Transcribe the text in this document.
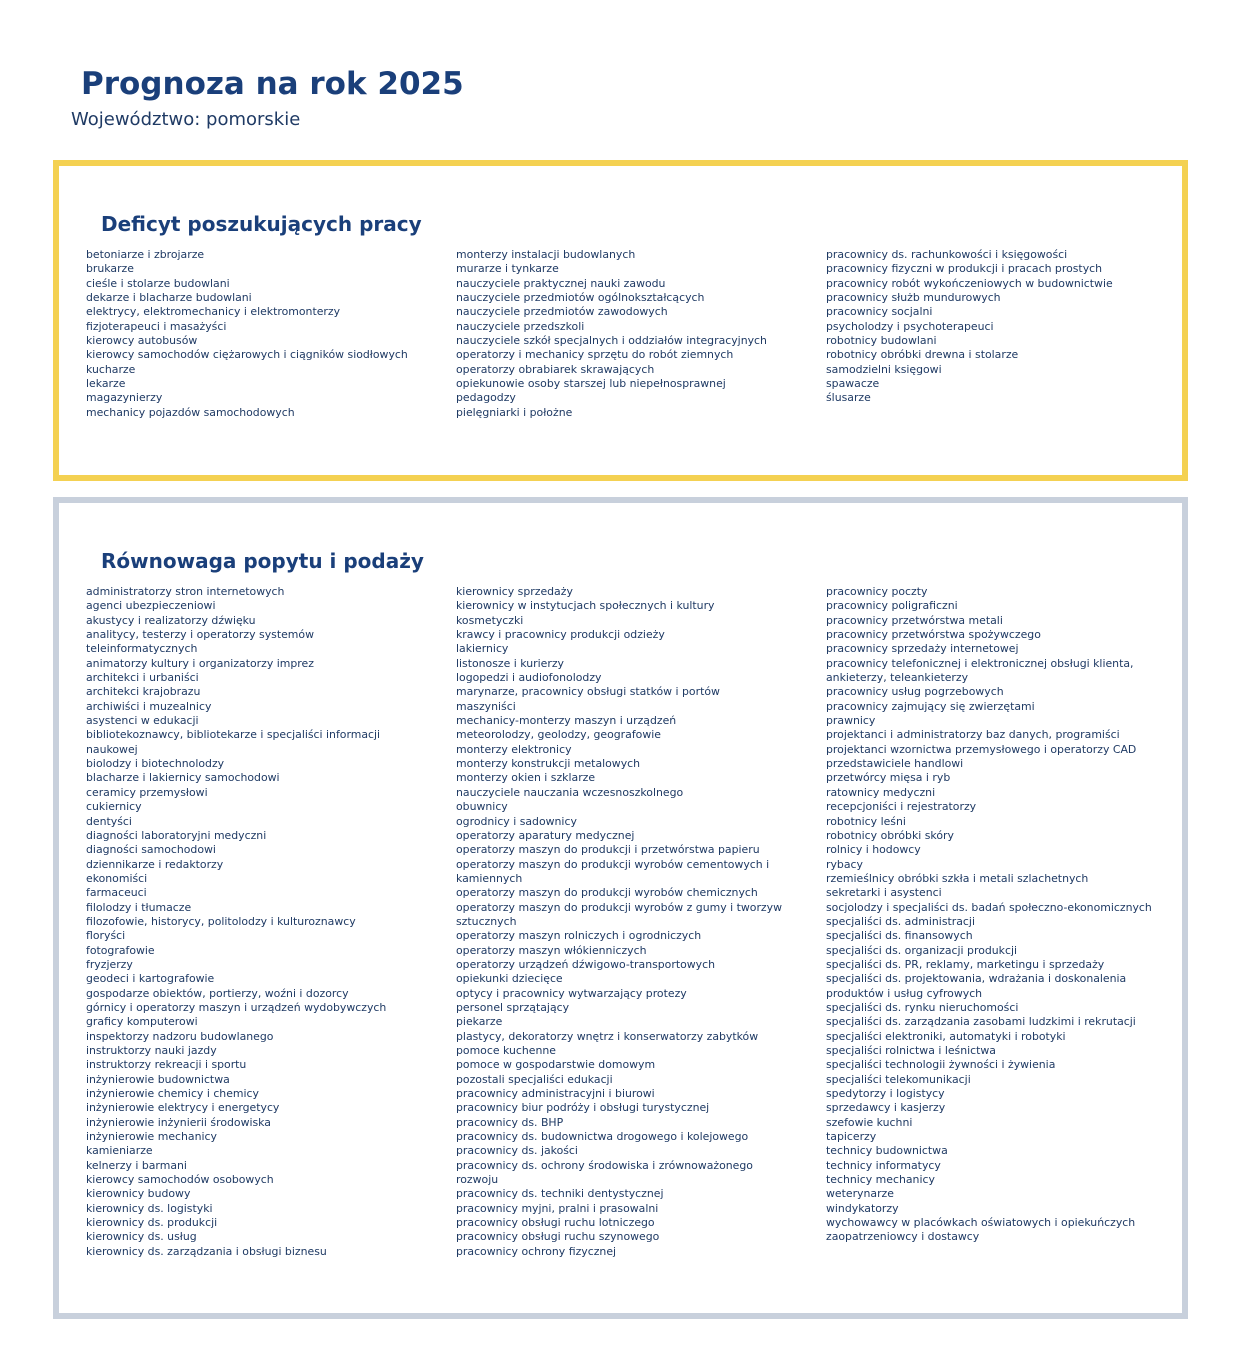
Prognoza na rok 2025

Województwo: pomorskie

Deficyt poszukujących pracy
betoniarze i zbrojarze
brukarze
cieśle i stolarze budowlani
dekarze i blacharze budowlani
elektrycy, elektromechanicy i elektromonterzy
fizjoterapeuci i masażyści
kierowcy autobusów
kierowcy samochodów ciężarowych i ciągników siodłowych
kucharze
lekarze
magazynierzy
mechanicy pojazdów samochodowych
monterzy instalacji budowlanych
murarze i tynkarze
nauczyciele praktycznej nauki zawodu
nauczyciele przedmiotów ogólnokształcących
nauczyciele przedmiotów zawodowych
nauczyciele przedszkoli
nauczyciele szkół specjalnych i oddziałów integracyjnych
operatorzy i mechanicy sprzętu do robót ziemnych
operatorzy obrabiarek skrawających
opiekunowie osoby starszej lub niepełnosprawnej
pedagodzy
pielęgniarki i położne
pracownicy ds. rachunkowości i księgowości
pracownicy fizyczni w produkcji i pracach prostych
pracownicy robót wykończeniowych w budownictwie
pracownicy służb mundurowych
pracownicy socjalni
psycholodzy i psychoterapeuci
robotnicy budowlani
robotnicy obróbki drewna i stolarze
samodzielni księgowi
spawacze
ślusarze
Równowaga popytu i podaży
administratorzy stron internetowych
agenci ubezpieczeniowi
akustycy i realizatorzy dźwięku
analitycy, testerzy i operatorzy systemów
teleinformatycznych
animatorzy kultury i organizatorzy imprez
architekci i urbaniści
architekci krajobrazu
archiwiści i muzealnicy
asystenci w edukacji
bibliotekoznawcy, bibliotekarze i specjaliści informacji
naukowej
biolodzy i biotechnolodzy
blacharze i lakiernicy samochodowi
ceramicy przemysłowi
cukiernicy
dentyści
diagności laboratoryjni medyczni
diagności samochodowi
dziennikarze i redaktorzy
ekonomiści
farmaceuci
filolodzy i tłumacze
filozofowie, historycy, politolodzy i kulturoznawcy
floryści
fotografowie
fryzjerzy
geodeci i kartografowie
gospodarze obiektów, portierzy, woźni i dozorcy
górnicy i operatorzy maszyn i urządzeń wydobywczych
graficy komputerowi
inspektorzy nadzoru budowlanego
instruktorzy nauki jazdy
instruktorzy rekreacji i sportu
inżynierowie budownictwa
inżynierowie chemicy i chemicy
inżynierowie elektrycy i energetycy
inżynierowie inżynierii środowiska
inżynierowie mechanicy
kamieniarze
kelnerzy i barmani
kierowcy samochodów osobowych
kierownicy budowy
kierownicy ds. logistyki
kierownicy ds. produkcji
kierownicy ds. usług
kierownicy ds. zarządzania i obsługi biznesu
kierownicy sprzedaży
kierownicy w instytucjach społecznych i kultury
kosmetyczki
krawcy i pracownicy produkcji odzieży
lakiernicy
listonosze i kurierzy
logopedzi i audiofonolodzy
marynarze, pracownicy obsługi statków i portów
maszyniści
mechanicy-monterzy maszyn i urządzeń
meteorolodzy, geolodzy, geografowie
monterzy elektronicy
monterzy konstrukcji metalowych
monterzy okien i szklarze
nauczyciele nauczania wczesnoszkolnego
obuwnicy
ogrodnicy i sadownicy
operatorzy aparatury medycznej
operatorzy maszyn do produkcji i przetwórstwa papieru
operatorzy maszyn do produkcji wyrobów cementowych i
kamiennych
operatorzy maszyn do produkcji wyrobów chemicznych
operatorzy maszyn do produkcji wyrobów z gumy i tworzyw
sztucznych
operatorzy maszyn rolniczych i ogrodniczych
operatorzy maszyn włókienniczych
operatorzy urządzeń dźwigowo-transportowych
opiekunki dziecięce
optycy i pracownicy wytwarzający protezy
personel sprzątający
piekarze
plastycy, dekoratorzy wnętrz i konserwatorzy zabytków
pomoce kuchenne
pomoce w gospodarstwie domowym
pozostali specjaliści edukacji
pracownicy administracyjni i biurowi
pracownicy biur podróży i obsługi turystycznej
pracownicy ds. BHP
pracownicy ds. budownictwa drogowego i kolejowego
pracownicy ds. jakości
pracownicy ds. ochrony środowiska i zrównoważonego
rozwoju
pracownicy ds. techniki dentystycznej
pracownicy myjni, pralni i prasowalni
pracownicy obsługi ruchu lotniczego
pracownicy obsługi ruchu szynowego
pracownicy ochrony fizycznej
pracownicy poczty
pracownicy poligraficzni
pracownicy przetwórstwa metali
pracownicy przetwórstwa spożywczego
pracownicy sprzedaży internetowej
pracownicy telefonicznej i elektronicznej obsługi klienta,
ankieterzy, teleankieterzy
pracownicy usług pogrzebowych
pracownicy zajmujący się zwierzętami
prawnicy
projektanci i administratorzy baz danych, programiści
projektanci wzornictwa przemysłowego i operatorzy CAD
przedstawiciele handlowi
przetwórcy mięsa i ryb
ratownicy medyczni
recepcjoniści i rejestratorzy
robotnicy leśni
robotnicy obróbki skóry
rolnicy i hodowcy
rybacy
rzemieślnicy obróbki szkła i metali szlachetnych
sekretarki i asystenci
socjolodzy i specjaliści ds. badań społeczno-ekonomicznych
specjaliści ds. administracji
specjaliści ds. finansowych
specjaliści ds. organizacji produkcji
specjaliści ds. PR, reklamy, marketingu i sprzedaży
specjaliści ds. projektowania, wdrażania i doskonalenia
produktów i usług cyfrowych
specjaliści ds. rynku nieruchomości
specjaliści ds. zarządzania zasobami ludzkimi i rekrutacji
specjaliści elektroniki, automatyki i robotyki
specjaliści rolnictwa i leśnictwa
specjaliści technologii żywności i żywienia
specjaliści telekomunikacji
spedytorzy i logistycy
sprzedawcy i kasjerzy
szefowie kuchni
tapicerzy
technicy budownictwa
technicy informatycy
technicy mechanicy
weterynarze
windykatorzy
wychowawcy w placówkach oświatowych i opiekuńczych
zaopatrzeniowcy i dostawcy
